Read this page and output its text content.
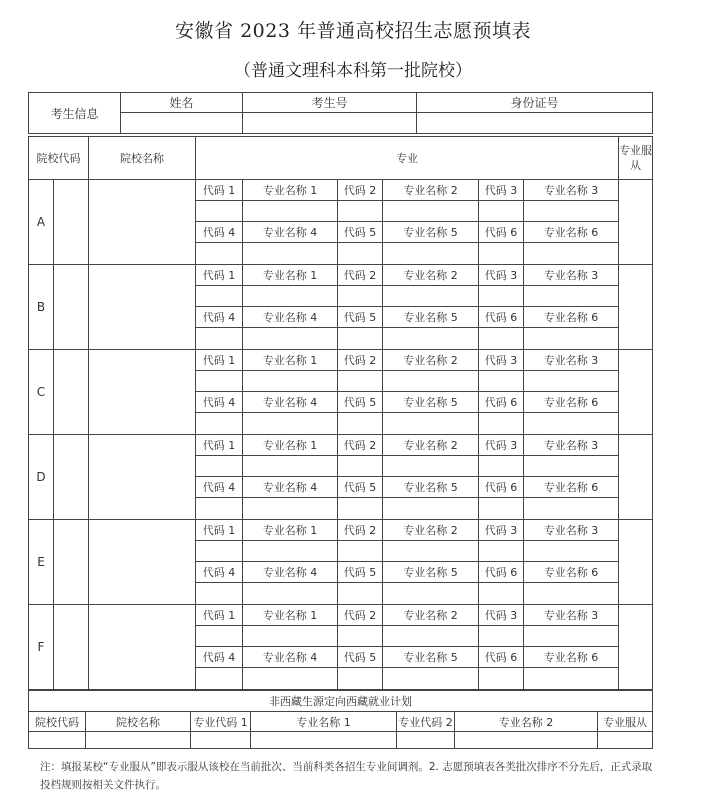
安徽省 2023 年普通高校招生志愿预填表
（普通文理科本科第一批院校）
考生信息	姓名	考生号	身份证号

院校代码		院校名称	专业						专业服从
A			代码 1	专业名称 1	代码 2	专业名称 2	代码 3	专业名称 3	

			代码 4	专业名称 4	代码 5	专业名称 5	代码 6	专业名称 6	

B			代码 1	专业名称 1	代码 2	专业名称 2	代码 3	专业名称 3	

			代码 4	专业名称 4	代码 5	专业名称 5	代码 6	专业名称 6	

C			代码 1	专业名称 1	代码 2	专业名称 2	代码 3	专业名称 3	

			代码 4	专业名称 4	代码 5	专业名称 5	代码 6	专业名称 6	

D			代码 1	专业名称 1	代码 2	专业名称 2	代码 3	专业名称 3	

			代码 4	专业名称 4	代码 5	专业名称 5	代码 6	专业名称 6	

E			代码 1	专业名称 1	代码 2	专业名称 2	代码 3	专业名称 3	

			代码 4	专业名称 4	代码 5	专业名称 5	代码 6	专业名称 6	

F			代码 1	专业名称 1	代码 2	专业名称 2	代码 3	专业名称 3	

			代码 4	专业名称 4	代码 5	专业名称 5	代码 6	专业名称 6	

非西藏生源定向西藏就业计划						
院校代码	院校名称	专业代码 1	专业名称 1	专业代码 2	专业名称 2	专业服从

注：填报某校“专业服从”即表示服从该校在当前批次、当前科类各招生专业间调剂。2. 志愿预填表各类批次排序不分先后，正式录取投档规则按相关文件执行。
